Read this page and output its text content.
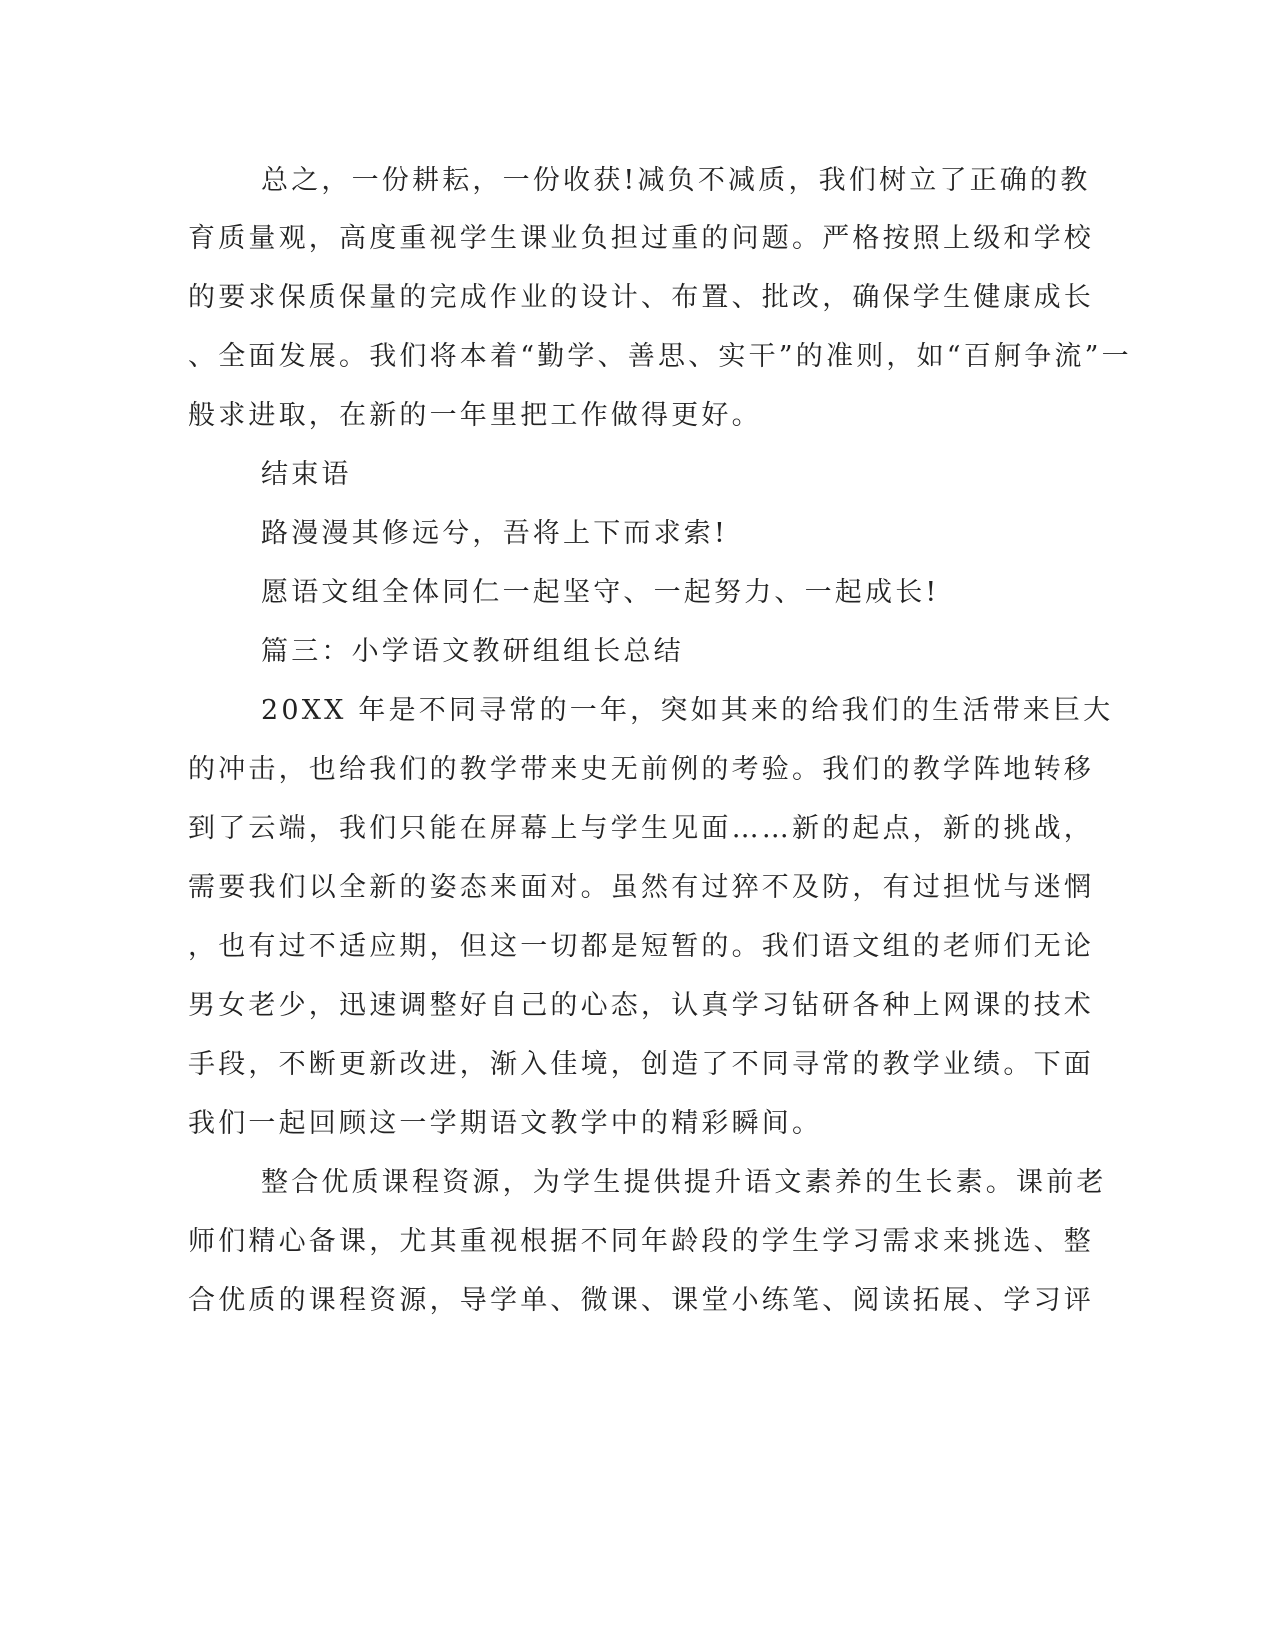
总之，一份耕耘，一份收获!减负不减质，我们树立了正确的教
育质量观，高度重视学生课业负担过重的问题。严格按照上级和学校
的要求保质保量的完成作业的设计、布置、批改，确保学生健康成长
、全面发展。我们将本着“勤学、善思、实干”的准则，如“百舸争流”一
般求进取，在新的一年里把工作做得更好。
结束语
路漫漫其修远兮，吾将上下而求索!
愿语文组全体同仁一起坚守、一起努力、一起成长!
篇三：小学语文教研组组长总结
20XX 年是不同寻常的一年，突如其来的给我们的生活带来巨大
的冲击，也给我们的教学带来史无前例的考验。我们的教学阵地转移
到了云端，我们只能在屏幕上与学生见面……新的起点，新的挑战，
需要我们以全新的姿态来面对。虽然有过猝不及防，有过担忧与迷惘
，也有过不适应期，但这一切都是短暂的。我们语文组的老师们无论
男女老少，迅速调整好自己的心态，认真学习钻研各种上网课的技术
手段，不断更新改进，渐入佳境，创造了不同寻常的教学业绩。下面
我们一起回顾这一学期语文教学中的精彩瞬间。
整合优质课程资源，为学生提供提升语文素养的生长素。课前老
师们精心备课，尤其重视根据不同年龄段的学生学习需求来挑选、整
合优质的课程资源，导学单、微课、课堂小练笔、阅读拓展、学习评
